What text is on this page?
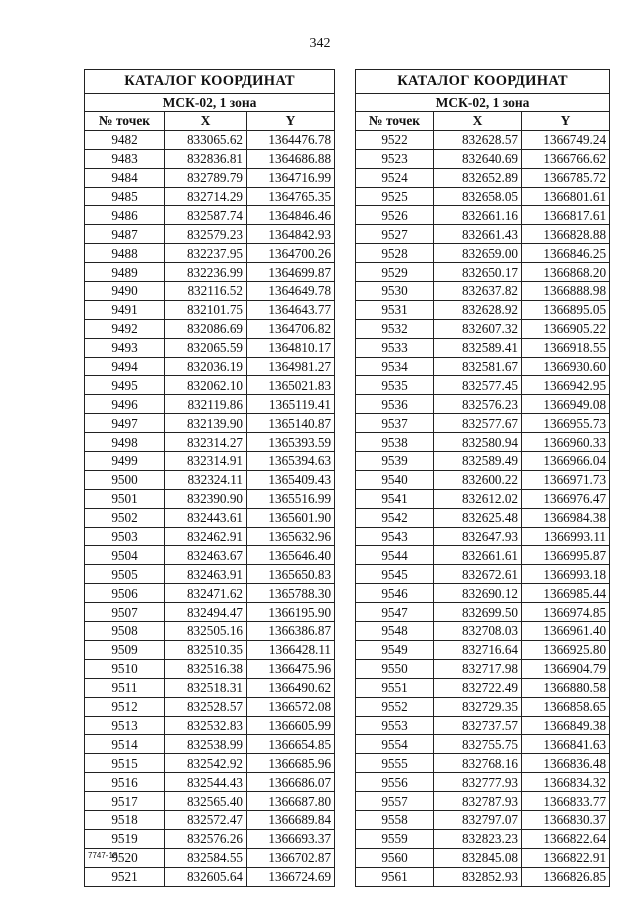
342
КАТАЛОГ КООРДИНАТ		
МСК-02, 1 зона		
№ точек	X	Y
9482	833065.62	1364476.78
9483	832836.81	1364686.88
9484	832789.79	1364716.99
9485	832714.29	1364765.35
9486	832587.74	1364846.46
9487	832579.23	1364842.93
9488	832237.95	1364700.26
9489	832236.99	1364699.87
9490	832116.52	1364649.78
9491	832101.75	1364643.77
9492	832086.69	1364706.82
9493	832065.59	1364810.17
9494	832036.19	1364981.27
9495	832062.10	1365021.83
9496	832119.86	1365119.41
9497	832139.90	1365140.87
9498	832314.27	1365393.59
9499	832314.91	1365394.63
9500	832324.11	1365409.43
9501	832390.90	1365516.99
9502	832443.61	1365601.90
9503	832462.91	1365632.96
9504	832463.67	1365646.40
9505	832463.91	1365650.83
9506	832471.62	1365788.30
9507	832494.47	1366195.90
9508	832505.16	1366386.87
9509	832510.35	1366428.11
9510	832516.38	1366475.96
9511	832518.31	1366490.62
9512	832528.57	1366572.08
9513	832532.83	1366605.99
9514	832538.99	1366654.85
9515	832542.92	1366685.96
9516	832544.43	1366686.07
9517	832565.40	1366687.80
9518	832572.47	1366689.84
9519	832576.26	1366693.37
9520	832584.55	1366702.87
9521	832605.64	1366724.69
КАТАЛОГ КООРДИНАТ		
МСК-02, 1 зона		
№ точек	X	Y
9522	832628.57	1366749.24
9523	832640.69	1366766.62
9524	832652.89	1366785.72
9525	832658.05	1366801.61
9526	832661.16	1366817.61
9527	832661.43	1366828.88
9528	832659.00	1366846.25
9529	832650.17	1366868.20
9530	832637.82	1366888.98
9531	832628.92	1366895.05
9532	832607.32	1366905.22
9533	832589.41	1366918.55
9534	832581.67	1366930.60
9535	832577.45	1366942.95
9536	832576.23	1366949.08
9537	832577.67	1366955.73
9538	832580.94	1366960.33
9539	832589.49	1366966.04
9540	832600.22	1366971.73
9541	832612.02	1366976.47
9542	832625.48	1366984.38
9543	832647.93	1366993.11
9544	832661.61	1366995.87
9545	832672.61	1366993.18
9546	832690.12	1366985.44
9547	832699.50	1366974.85
9548	832708.03	1366961.40
9549	832716.64	1366925.80
9550	832717.98	1366904.79
9551	832722.49	1366880.58
9552	832729.35	1366858.65
9553	832737.57	1366849.38
9554	832755.75	1366841.63
9555	832768.16	1366836.48
9556	832777.93	1366834.32
9557	832787.93	1366833.77
9558	832797.07	1366830.37
9559	832823.23	1366822.64
9560	832845.08	1366822.91
9561	832852.93	1366826.85
7747-18
